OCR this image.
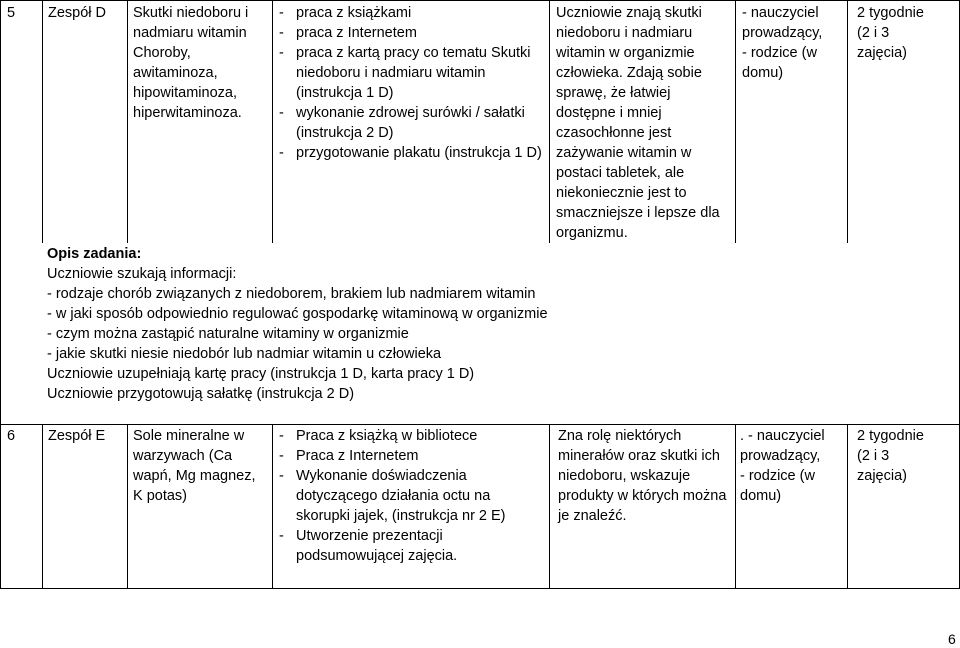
5 Zespół D Skutki niedoboru i
nadmiaru witamin
Choroby,
awitaminoza,
hipowitaminoza,
hiperwitaminoza.
- praca z książkami
- praca z Internetem
- praca z kartą pracy co tematu Skutki
niedoboru i nadmiaru witamin
(instrukcja 1 D)
- wykonanie zdrowej surówki / sałatki
(instrukcja 2 D)
- przygotowanie plakatu (instrukcja 1 D)
Uczniowie znają skutki
niedoboru i nadmiaru
witamin w organizmie
człowieka. Zdają sobie
sprawę, że łatwiej
dostępne i mniej
czasochłonne jest
zażywanie witamin w
postaci tabletek, ale
niekoniecznie jest to
smaczniejsze i lepsze dla
organizmu.
- nauczyciel
prowadzący,
- rodzice (w
domu)
2 tygodnie
(2 i 3
zajęcia)
Opis zadania:
Uczniowie szukają informacji:
- rodzaje chorób związanych z niedoborem, brakiem lub nadmiarem witamin
- w jaki sposób odpowiednio regulować gospodarkę witaminową w organizmie
- czym można zastąpić naturalne witaminy w organizmie
- jakie skutki niesie niedobór lub nadmiar witamin u człowieka
Uczniowie uzupełniają kartę pracy (instrukcja 1 D, karta pracy 1 D)
Uczniowie przygotowują sałatkę (instrukcja 2 D)
6 Zespół E Sole mineralne w
warzywach (Ca
wapń, Mg magnez,
K potas)
- Praca z książką w bibliotece
- Praca z Internetem
- Wykonanie doświadczenia
dotyczącego działania octu na
skorupki jajek, (instrukcja nr 2 E)
- Utworzenie prezentacji
podsumowującej zajęcia.
Zna rolę niektórych
minerałów oraz skutki ich
niedoboru, wskazuje
produkty w których można
je znaleźć.
. - nauczyciel
prowadzący,
- rodzice (w
domu)
2 tygodnie
(2 i 3
zajęcia)
6
